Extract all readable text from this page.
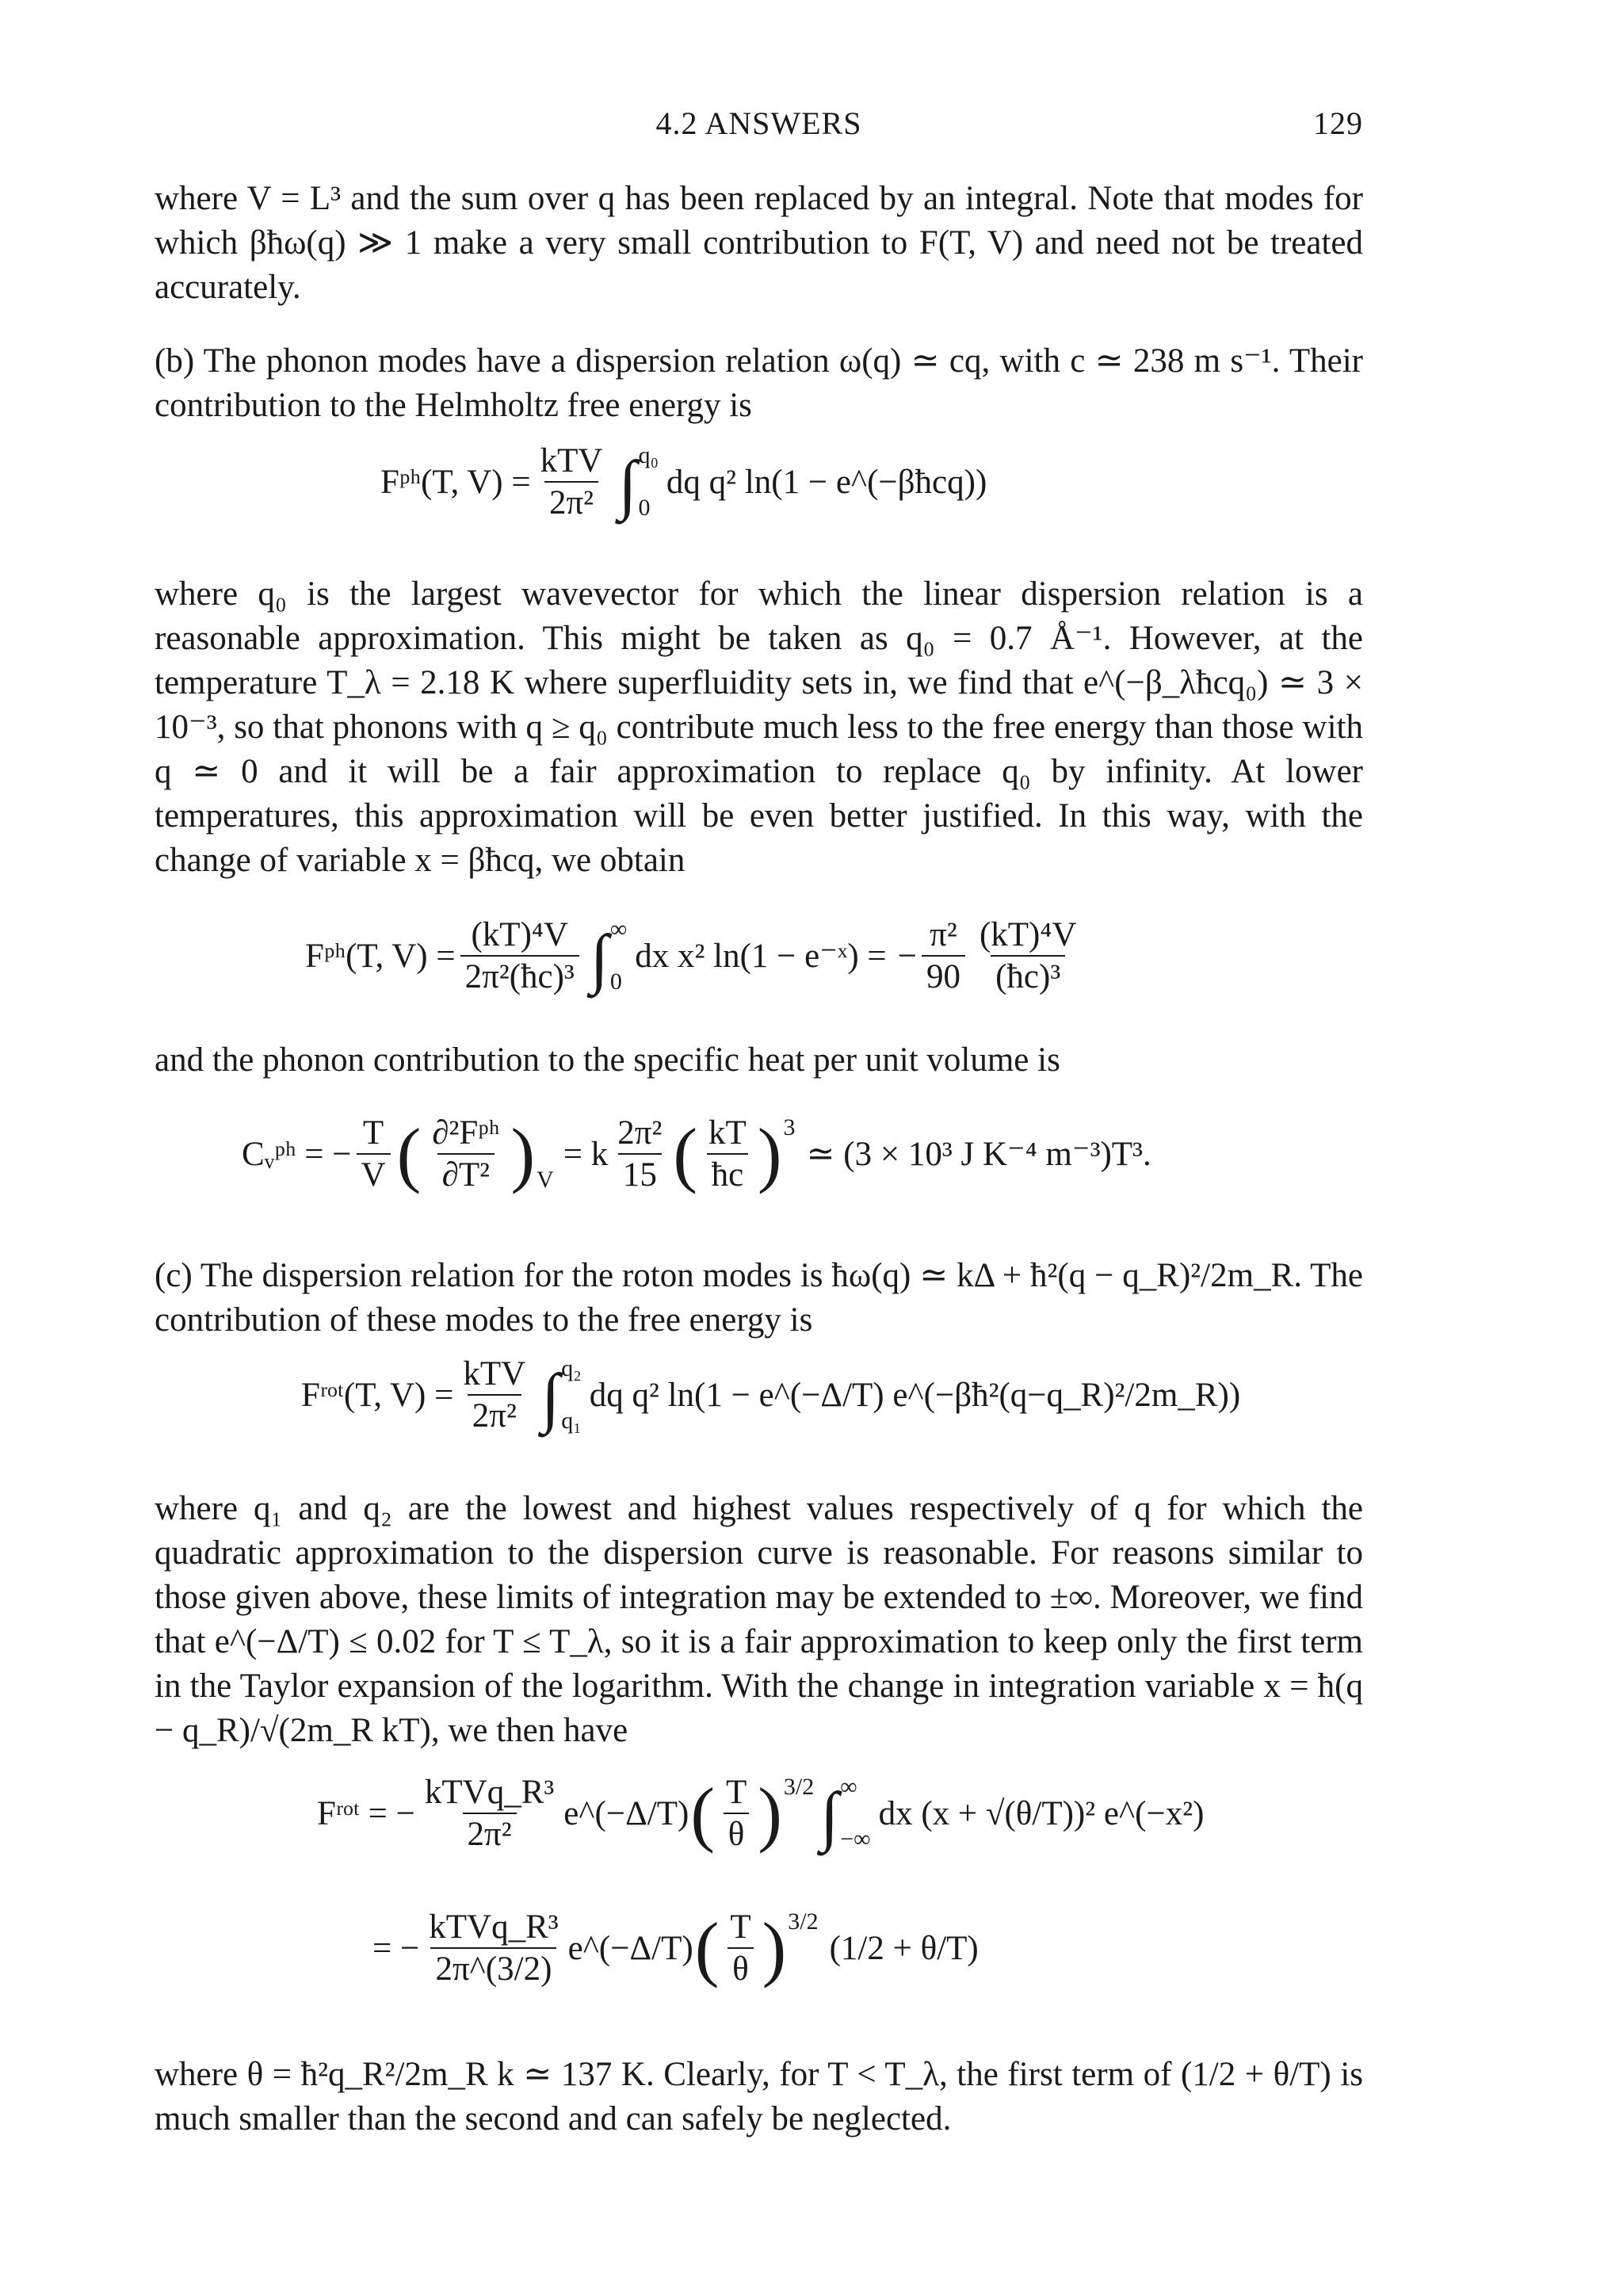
4.2 ANSWERS	129

where V = L³ and the sum over q has been replaced by an integral. Note that modes for which βħω(q) ≫ 1 make a very small contribution to F(T, V) and need not be treated accurately.

(b) The phonon modes have a dispersion relation ω(q) ≃ cq, with c ≃ 238 m s⁻¹. Their contribution to the Helmholtz free energy is

Fᵖʰ(T, $V) = \frac{\text{kTV}}{\text{2π²}}$ ∫ q₀
0
dq q² ln(1 − e^(−βħcq))

where q₀ is the largest wavevector for which the linear dispersion relation is a reasonable approximation. This might be taken as q₀ = 0.7 Å⁻¹. However, at the temperature T_λ = 2.18 K where superfluidity sets in, we find that e^(−β_λħcq₀) ≃ 3 × 10⁻³, so that phonons with q ≥ q₀ contribute much less to the free energy than those with q ≃ 0 and it will be a fair approximation to replace q₀ by infinity. At lower temperatures, this approximation will be even better justified. In this way, with the change of variable x = βħcq, we obtain

Fᵖʰ(T, $V) = \frac{\text{(kT)⁴V}}{\text{2π²(ħc)³}}$ ∫ ∞
0
dx x² ln(1 − e⁻ˣ) = − $\frac{\text{π²}}{90} \frac{\text{(kT)⁴V}}{\text{(ħc)³}}$

and the phonon contribution to the specific heat per unit volume is

Cᵥᵖʰ = − $\frac{T}{V}$ ( $\frac{\text{∂²Fᵖʰ}}{\text{∂T²}}$ ) V
= k $\frac{\text{2π²}}{15}$ ( $\frac{kT}{ħc}$ ) 3
≃ (3 × 10³ J K⁻⁴ m⁻³)T³.

(c) The dispersion relation for the roton modes is ħω(q) ≃ kΔ + ħ²(q − q_R)²/2m_R. The contribution of these modes to the free energy is

Fʳᵒᵗ(T, $V) = \frac{\text{kTV}}{\text{2π²}}$ ∫ q₂
q₁
dq q² ln(1 − e^(−Δ/T) e^(−βħ²(q−q_R)²/2m_R))

where q₁ and q₂ are the lowest and highest values respectively of q for which the quadratic approximation to the dispersion curve is reasonable. For reasons similar to those given above, these limits of integration may be extended to ±∞. Moreover, we find that e^(−Δ/T) ≤ 0.02 for T ≤ T_λ, so it is a fair approximation to keep only the first term in the Taylor expansion of the logarithm. With the change in integration variable x = ħ(q − q_R)/√(2m_R kT), we then have

Fʳᵒᵗ = − $\frac{\text{kTVq\_R³}}{\text{2π²}}$ e^(−Δ/T) ( $\frac{T}{\theta}$ ) 3/2 ∫ ∞
−∞
dx (x + √(θ/T))² e^(−x²)
= − $\frac{\text{kTVq\_R³}}{2\pi\^{}(3/2)}$ e^(−Δ/T) ( $\frac{T}{\theta}$ ) 3/2
(1/2 + θ/T)

where θ = ħ²q_R²/2m_R k ≃ 137 K. Clearly, for T < T_λ, the first term of (1/2 + θ/T) is much smaller than the second and can safely be neglected.
